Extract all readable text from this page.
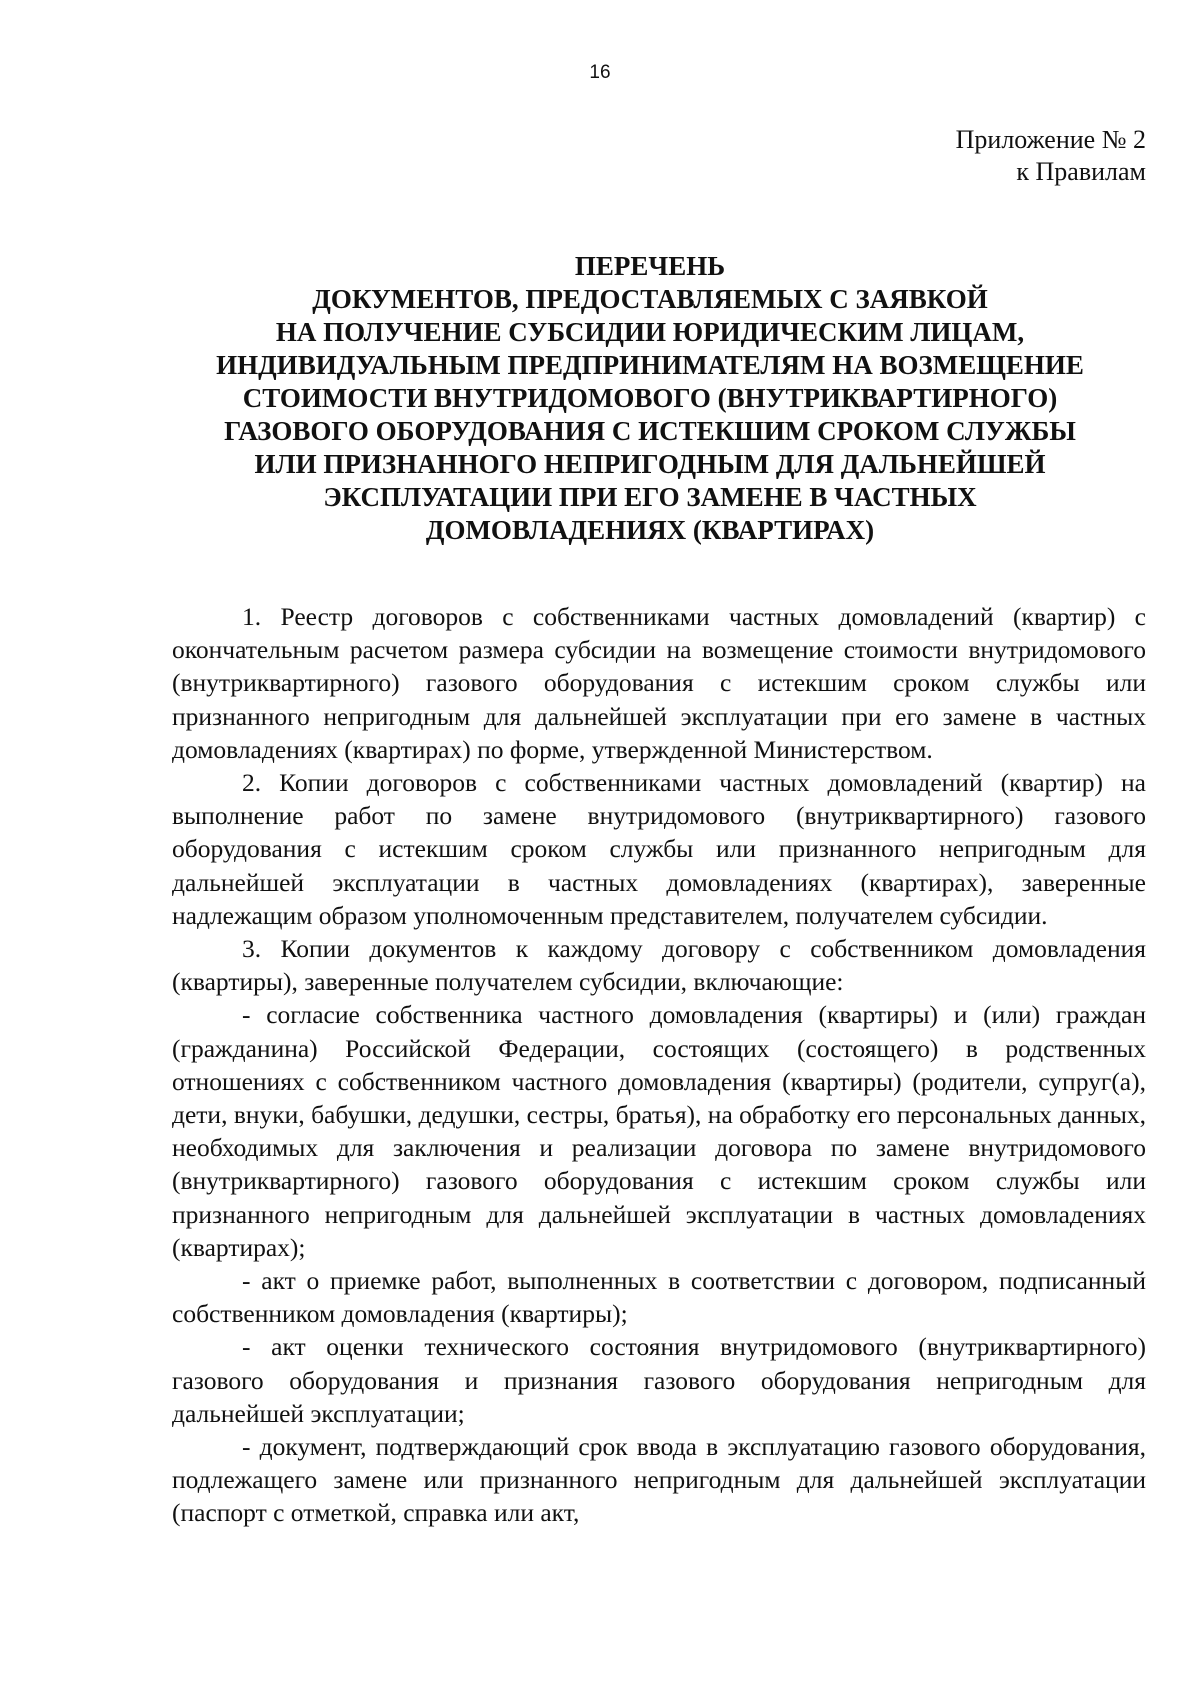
16
Приложение № 2
к Правилам
ПЕРЕЧЕНЬ
ДОКУМЕНТОВ, ПРЕДОСТАВЛЯЕМЫХ С ЗАЯВКОЙ
НА ПОЛУЧЕНИЕ СУБСИДИИ ЮРИДИЧЕСКИМ ЛИЦАМ,
ИНДИВИДУАЛЬНЫМ ПРЕДПРИНИМАТЕЛЯМ НА ВОЗМЕЩЕНИЕ
СТОИМОСТИ ВНУТРИДОМОВОГО (ВНУТРИКВАРТИРНОГО)
ГАЗОВОГО ОБОРУДОВАНИЯ С ИСТЕКШИМ СРОКОМ СЛУЖБЫ
ИЛИ ПРИЗНАННОГО НЕПРИГОДНЫМ ДЛЯ ДАЛЬНЕЙШЕЙ
ЭКСПЛУАТАЦИИ ПРИ ЕГО ЗАМЕНЕ В ЧАСТНЫХ
ДОМОВЛАДЕНИЯХ (КВАРТИРАХ)

1. Реестр договоров с собственниками частных домовладений (квартир) с окончательным расчетом размера субсидии на возмещение стоимости внутридомового (внутриквартирного) газового оборудования с истекшим сроком службы или признанного непригодным для дальнейшей эксплуатации при его замене в частных домовладениях (квартирах) по форме, утвержденной Министерством.

2. Копии договоров с собственниками частных домовладений (квартир) на выполнение работ по замене внутридомового (внутриквартирного) газового оборудования с истекшим сроком службы или признанного непригодным для дальнейшей эксплуатации в частных домовладениях (квартирах), заверенные надлежащим образом уполномоченным представителем, получателем субсидии.

3. Копии документов к каждому договору с собственником домовладения (квартиры), заверенные получателем субсидии, включающие:

- согласие собственника частного домовладения (квартиры) и (или) граждан (гражданина) Российской Федерации, состоящих (состоящего) в родственных отношениях с собственником частного домовладения (квартиры) (родители, супруг(а), дети, внуки, бабушки, дедушки, сестры, братья), на обработку его персональных данных, необходимых для заключения и реализации договора по замене внутридомового (внутриквартирного) газового оборудования с истекшим сроком службы или признанного непригодным для дальнейшей эксплуатации в частных домовладениях (квартирах);

- акт о приемке работ, выполненных в соответствии с договором, подписанный собственником домовладения (квартиры);

- акт оценки технического состояния внутридомового (внутриквартирного) газового оборудования и признания газового оборудования непригодным для дальнейшей эксплуатации;

- документ, подтверждающий срок ввода в эксплуатацию газового оборудования, подлежащего замене или признанного непригодным для дальнейшей эксплуатации (паспорт с отметкой, справка или акт,
